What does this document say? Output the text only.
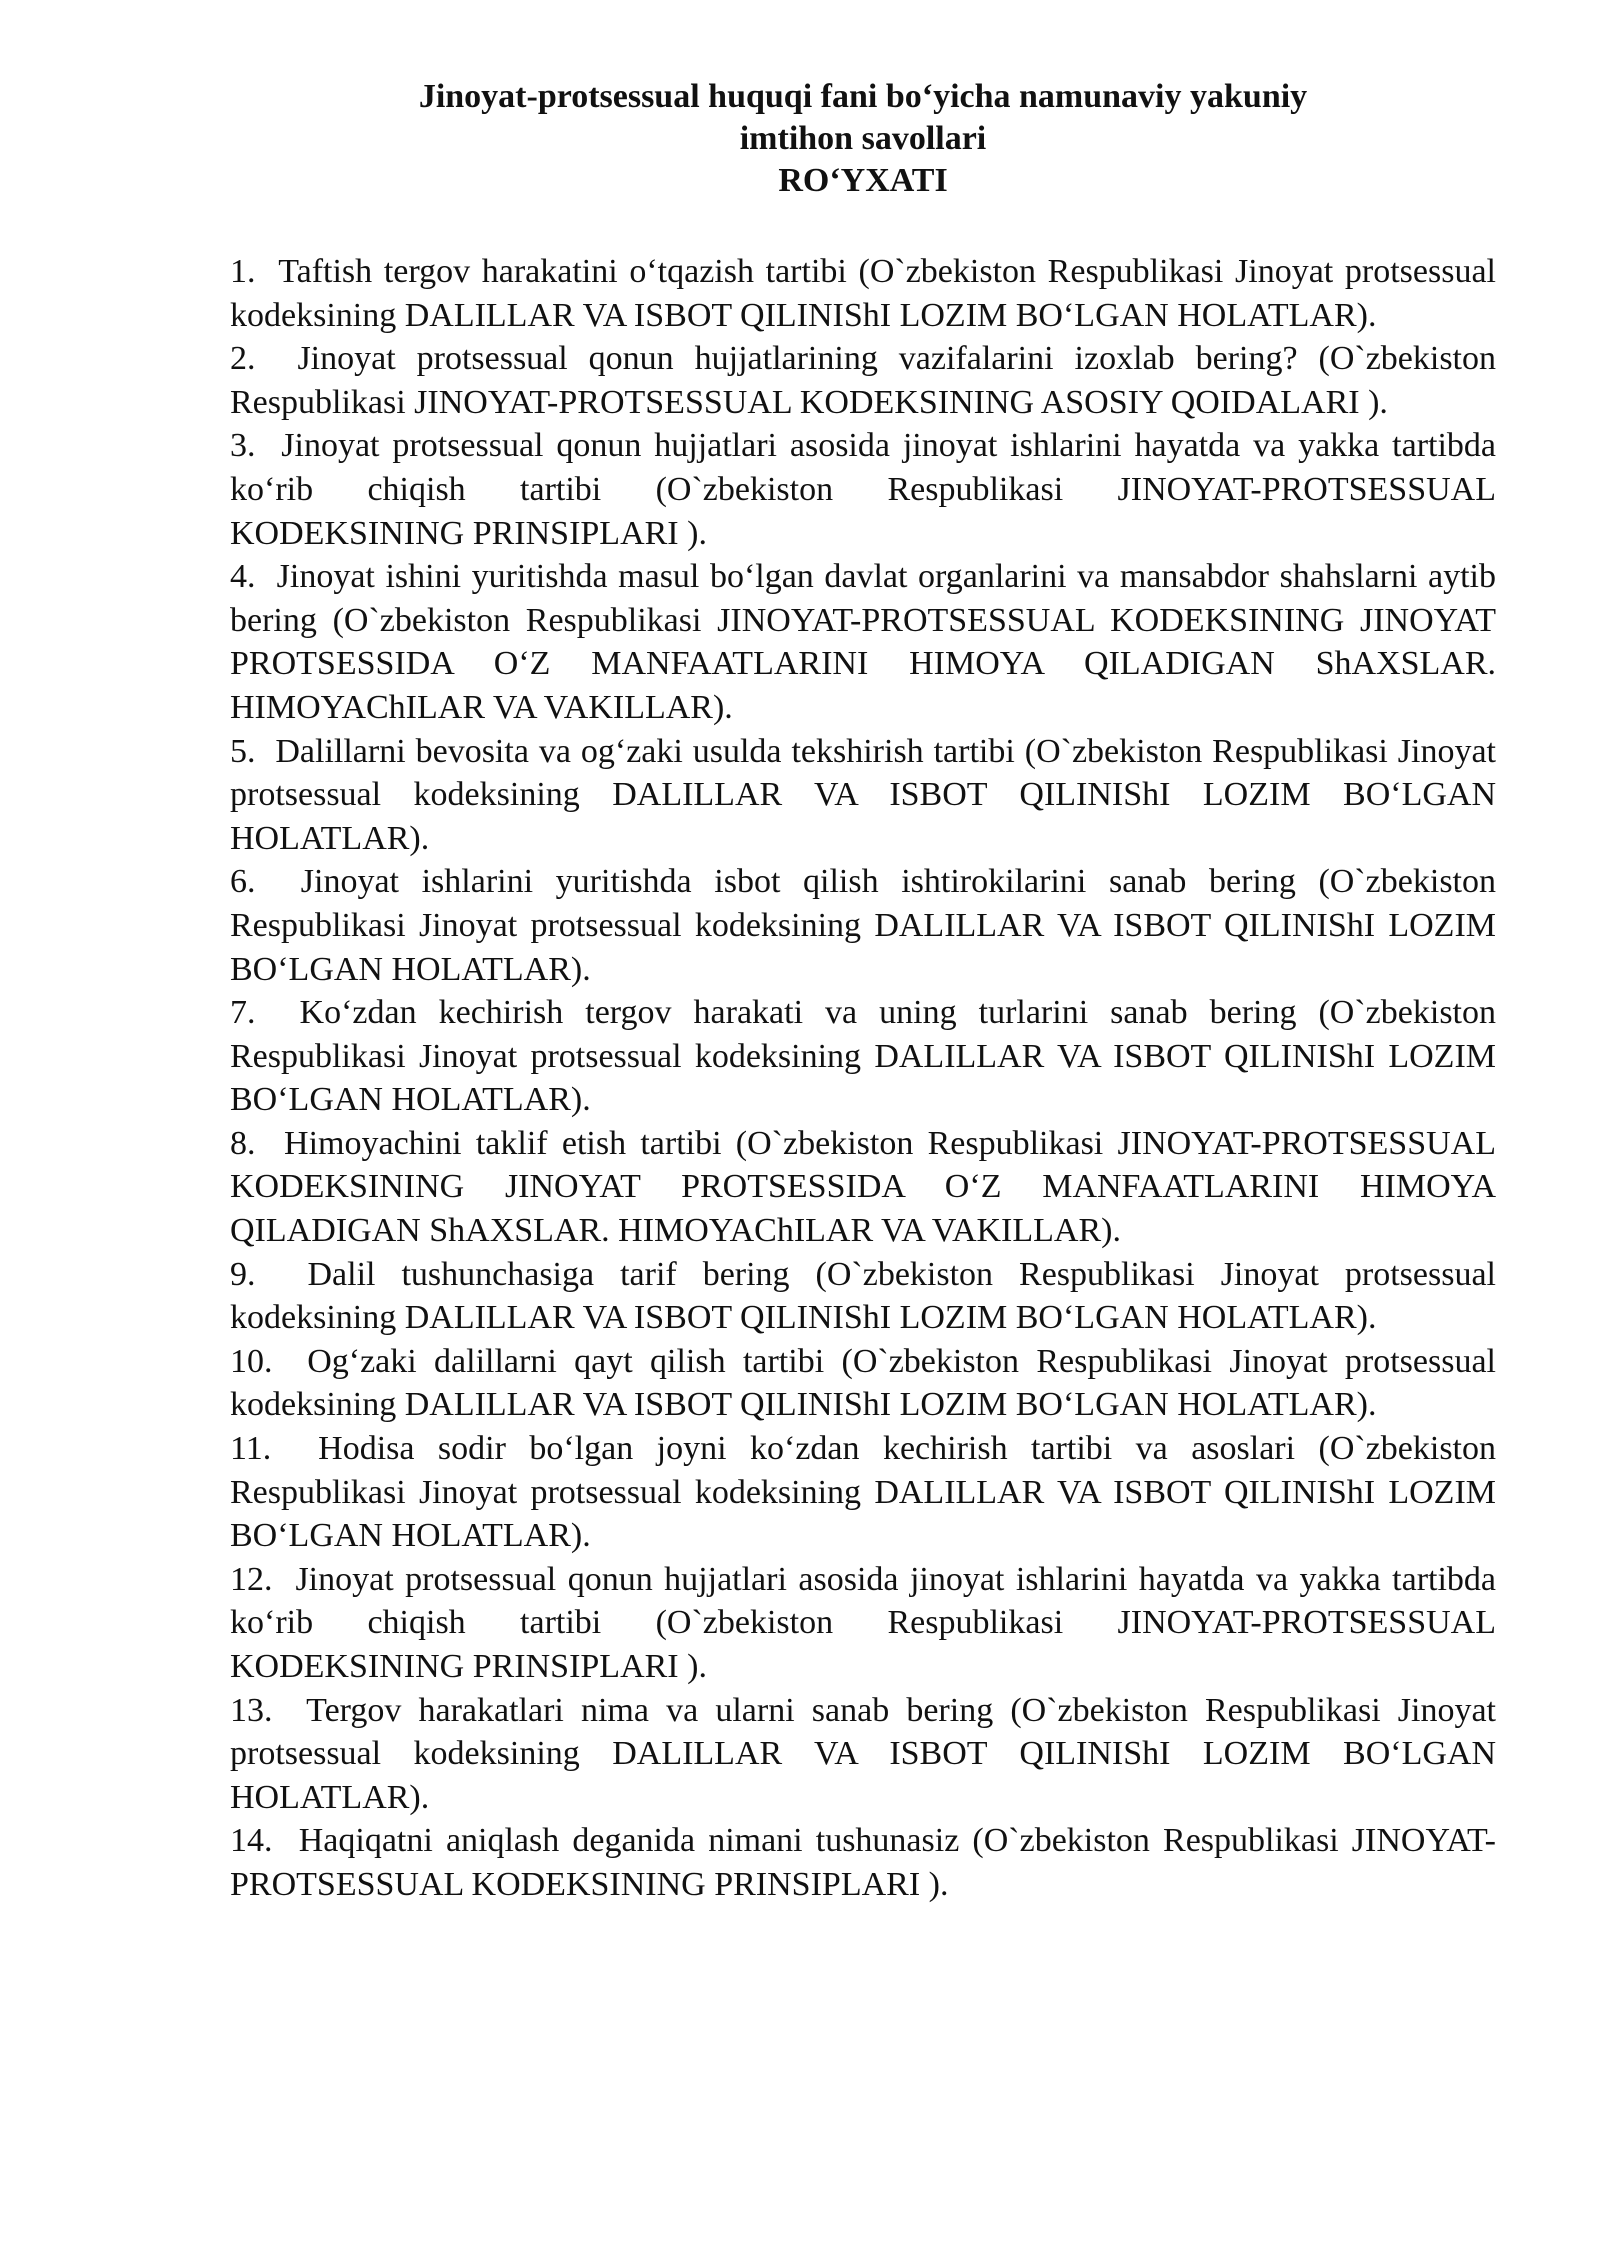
Jinoyat-protsessual huquqi fani bo‘yicha namunaviy yakuniy
imtihon savollari
RO‘YXATI

1. Taftish tergov harakatini o‘tqazish tartibi (O`zbekiston Respublikasi Jinoyat protsessual kodeksining DALILLAR VA ISBOT QILINIShI LOZIM BO‘LGAN HOLATLAR).

2. Jinoyat protsessual qonun hujjatlarining vazifalarini izoxlab bering? (O`zbekiston Respublikasi JINOYAT-PROTSESSUAL KODEKSINING ASOSIY QOIDALARI ).

3. Jinoyat protsessual qonun hujjatlari asosida jinoyat ishlarini hayatda va yakka tartibda ko‘rib chiqish tartibi (O`zbekiston Respublikasi JINOYAT-PROTSESSUAL KODEKSINING PRINSIPLARI ).

4. Jinoyat ishini yuritishda masul bo‘lgan davlat organlarini va mansabdor shahslarni aytib bering (O`zbekiston Respublikasi JINOYAT-PROTSESSUAL KODEKSINING JINOYAT PROTSESSIDA O‘Z MANFAATLARINI HIMOYA QILADIGAN ShAXSLAR. HIMOYAChILAR VA VAKILLAR).

5. Dalillarni bevosita va og‘zaki usulda tekshirish tartibi (O`zbekiston Respublikasi Jinoyat protsessual kodeksining DALILLAR VA ISBOT QILINIShI LOZIM BO‘LGAN HOLATLAR).

6. Jinoyat ishlarini yuritishda isbot qilish ishtirokilarini sanab bering (O`zbekiston Respublikasi Jinoyat protsessual kodeksining DALILLAR VA ISBOT QILINIShI LOZIM BO‘LGAN HOLATLAR).

7. Ko‘zdan kechirish tergov harakati va uning turlarini sanab bering (O`zbekiston Respublikasi Jinoyat protsessual kodeksining DALILLAR VA ISBOT QILINIShI LOZIM BO‘LGAN HOLATLAR).

8. Himoyachini taklif etish tartibi (O`zbekiston Respublikasi JINOYAT-PROTSESSUAL KODEKSINING JINOYAT PROTSESSIDA O‘Z MANFAATLARINI HIMOYA QILADIGAN ShAXSLAR. HIMOYAChILAR VA VAKILLAR).

9. Dalil tushunchasiga tarif bering (O`zbekiston Respublikasi Jinoyat protsessual kodeksining DALILLAR VA ISBOT QILINIShI LOZIM BO‘LGAN HOLATLAR).

10. Og‘zaki dalillarni qayt qilish tartibi (O`zbekiston Respublikasi Jinoyat protsessual kodeksining DALILLAR VA ISBOT QILINIShI LOZIM BO‘LGAN HOLATLAR).

11. Hodisa sodir bo‘lgan joyni ko‘zdan kechirish tartibi va asoslari (O`zbekiston Respublikasi Jinoyat protsessual kodeksining DALILLAR VA ISBOT QILINIShI LOZIM BO‘LGAN HOLATLAR).

12. Jinoyat protsessual qonun hujjatlari asosida jinoyat ishlarini hayatda va yakka tartibda ko‘rib chiqish tartibi (O`zbekiston Respublikasi JINOYAT-PROTSESSUAL KODEKSINING PRINSIPLARI ).

13. Tergov harakatlari nima va ularni sanab bering (O`zbekiston Respublikasi Jinoyat protsessual kodeksining DALILLAR VA ISBOT QILINIShI LOZIM BO‘LGAN HOLATLAR).

14. Haqiqatni aniqlash deganida nimani tushunasiz (O`zbekiston Respublikasi JINOYAT-PROTSESSUAL KODEKSINING PRINSIPLARI ).
